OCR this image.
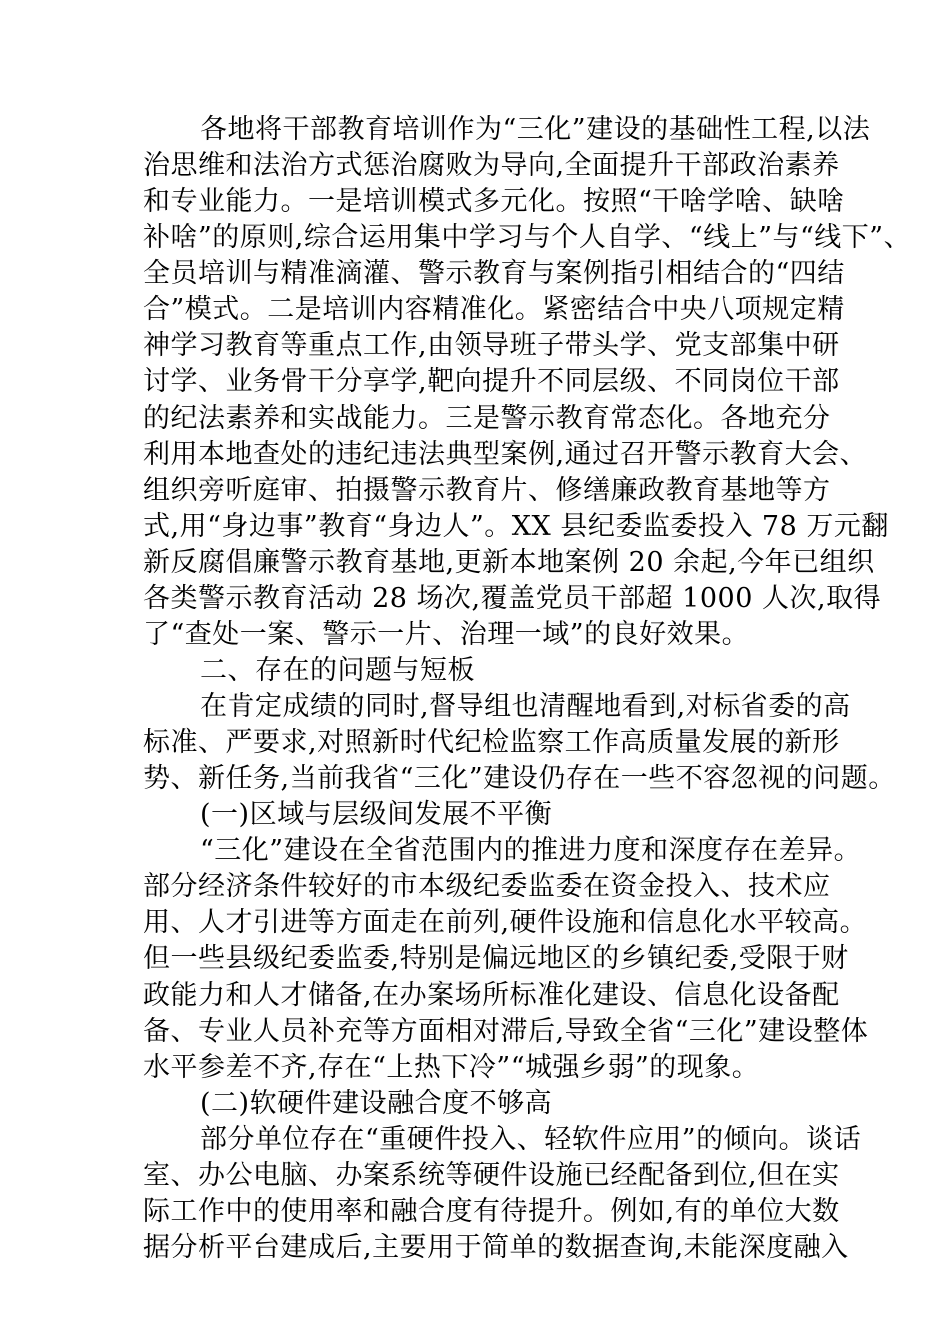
各地将干部教育培训作为“三化”建设的基础性工程,以法
治思维和法治方式惩治腐败为导向,全面提升干部政治素养
和专业能力。一是培训模式多元化。按照“干啥学啥、缺啥
补啥”的原则,综合运用集中学习与个人自学、“线上”与“线下”、
全员培训与精准滴灌、警示教育与案例指引相结合的“四结
合”模式。二是培训内容精准化。紧密结合中央八项规定精
神学习教育等重点工作,由领导班子带头学、党支部集中研
讨学、业务骨干分享学,靶向提升不同层级、不同岗位干部
的纪法素养和实战能力。三是警示教育常态化。各地充分
利用本地查处的违纪违法典型案例,通过召开警示教育大会、
组织旁听庭审、拍摄警示教育片、修缮廉政教育基地等方
式,用“身边事”教育“身边人”。XX 县纪委监委投入 78 万元翻
新反腐倡廉警示教育基地,更新本地案例 20 余起,今年已组织
各类警示教育活动 28 场次,覆盖党员干部超 1000 人次,取得
了“查处一案、警示一片、治理一域”的良好效果。
二、存在的问题与短板
在肯定成绩的同时,督导组也清醒地看到,对标省委的高
标准、严要求,对照新时代纪检监察工作高质量发展的新形
势、新任务,当前我省“三化”建设仍存在一些不容忽视的问题。
(一)区域与层级间发展不平衡
“三化”建设在全省范围内的推进力度和深度存在差异。
部分经济条件较好的市本级纪委监委在资金投入、技术应
用、人才引进等方面走在前列,硬件设施和信息化水平较高。
但一些县级纪委监委,特别是偏远地区的乡镇纪委,受限于财
政能力和人才储备,在办案场所标准化建设、信息化设备配
备、专业人员补充等方面相对滞后,导致全省“三化”建设整体
水平参差不齐,存在“上热下冷”“城强乡弱”的现象。
(二)软硬件建设融合度不够高
部分单位存在“重硬件投入、轻软件应用”的倾向。谈话
室、办公电脑、办案系统等硬件设施已经配备到位,但在实
际工作中的使用率和融合度有待提升。例如,有的单位大数
据分析平台建成后,主要用于简单的数据查询,未能深度融入
